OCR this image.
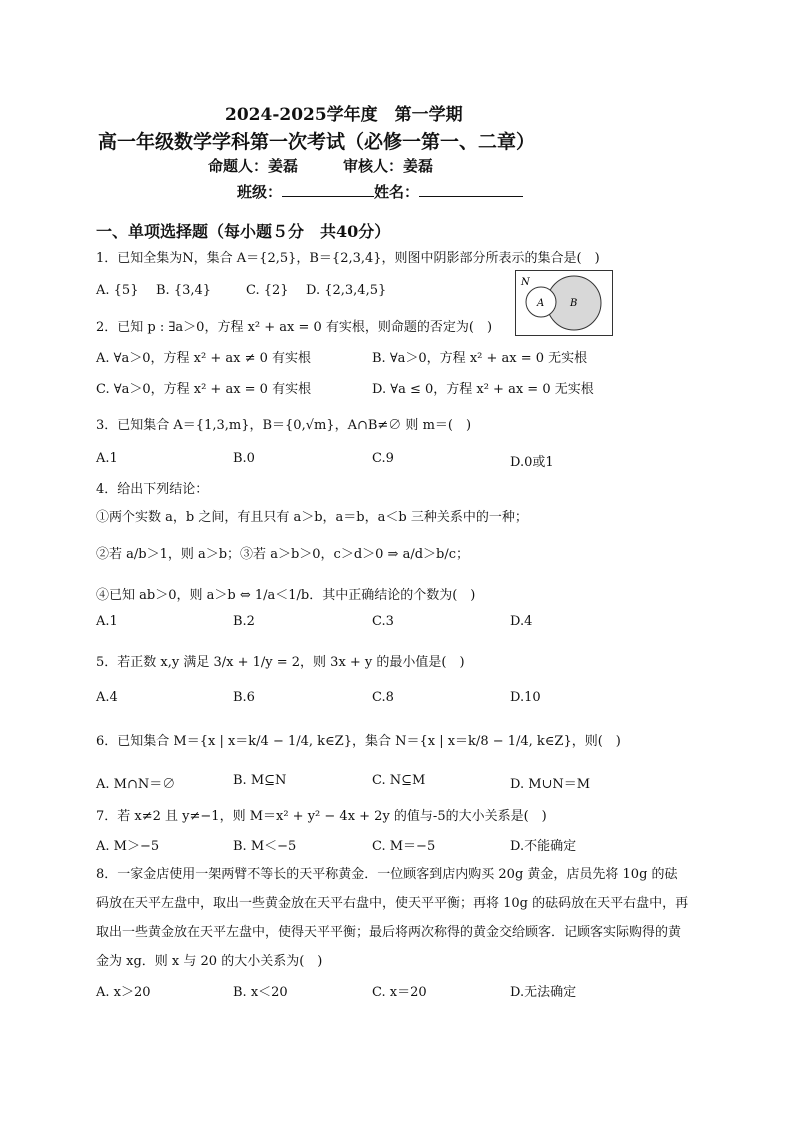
2024-2025学年度　第一学期
高一年级数学学科第一次考试（必修一第一、二章）
命题人：姜磊　　　审核人：姜磊
班级：	姓名：
一、单项选择题（每小题５分　共40分）
1．已知全集为N，集合 A＝{2,5}，B＝{2,3,4}，则图中阴影部分所表示的集合是(　)
A. {5} B. {3,4}	C. {2} D. {2,3,4,5}
N
A	B
2．已知 p : ∃a＞0，方程 x² + ax = 0 有实根，则命题的否定为(　)
A. ∀a＞0，方程 x² + ax ≠ 0 有实根	B. ∀a＞0，方程 x² + ax = 0 无实根
C. ∀a＞0，方程 x² + ax = 0 有实根	D. ∀a ≤ 0，方程 x² + ax = 0 无实根
3．已知集合 A＝{1,3,m}，B＝{0,√m}，A∩B≠∅ 则 m＝(　)
A.1	B.0	C.9	D.0或1
4．给出下列结论：
①两个实数 a，b 之间，有且只有 a＞b，a＝b，a＜b 三种关系中的一种；
②若 a/b＞1，则 a＞b；③若 a＞b＞0，c＞d＞0 ⇒ a/d＞b/c；
④已知 ab＞0，则 a＞b ⇔ 1/a＜1/b．其中正确结论的个数为(　)
A.1	B.2	C.3	D.4
5．若正数 x,y 满足 3/x + 1/y = 2，则 3x + y 的最小值是(　)
A.4	B.6	C.8	D.10
6．已知集合 M＝{x | x＝k/4 − 1/4, k∈Z}，集合 N＝{x | x＝k/8 − 1/4, k∈Z}，则(　)
A. M∩N＝∅	B. M⊆N	C. N⊆M	D. M∪N＝M
7．若 x≠2 且 y≠−1，则 M＝x² + y² − 4x + 2y 的值与-5的大小关系是(　)
A. M＞−5	B. M＜−5	C. M＝−5	D.不能确定
8．一家金店使用一架两臂不等长的天平称黄金．一位顾客到店内购买 20g 黄金，店员先将 10g 的砝
码放在天平左盘中，取出一些黄金放在天平右盘中，使天平平衡；再将 10g 的砝码放在天平右盘中，再
取出一些黄金放在天平左盘中，使得天平平衡；最后将两次称得的黄金交给顾客．记顾客实际购得的黄
金为 xg．则 x 与 20 的大小关系为(　)
A. x＞20	B. x＜20	C. x＝20	D.无法确定
